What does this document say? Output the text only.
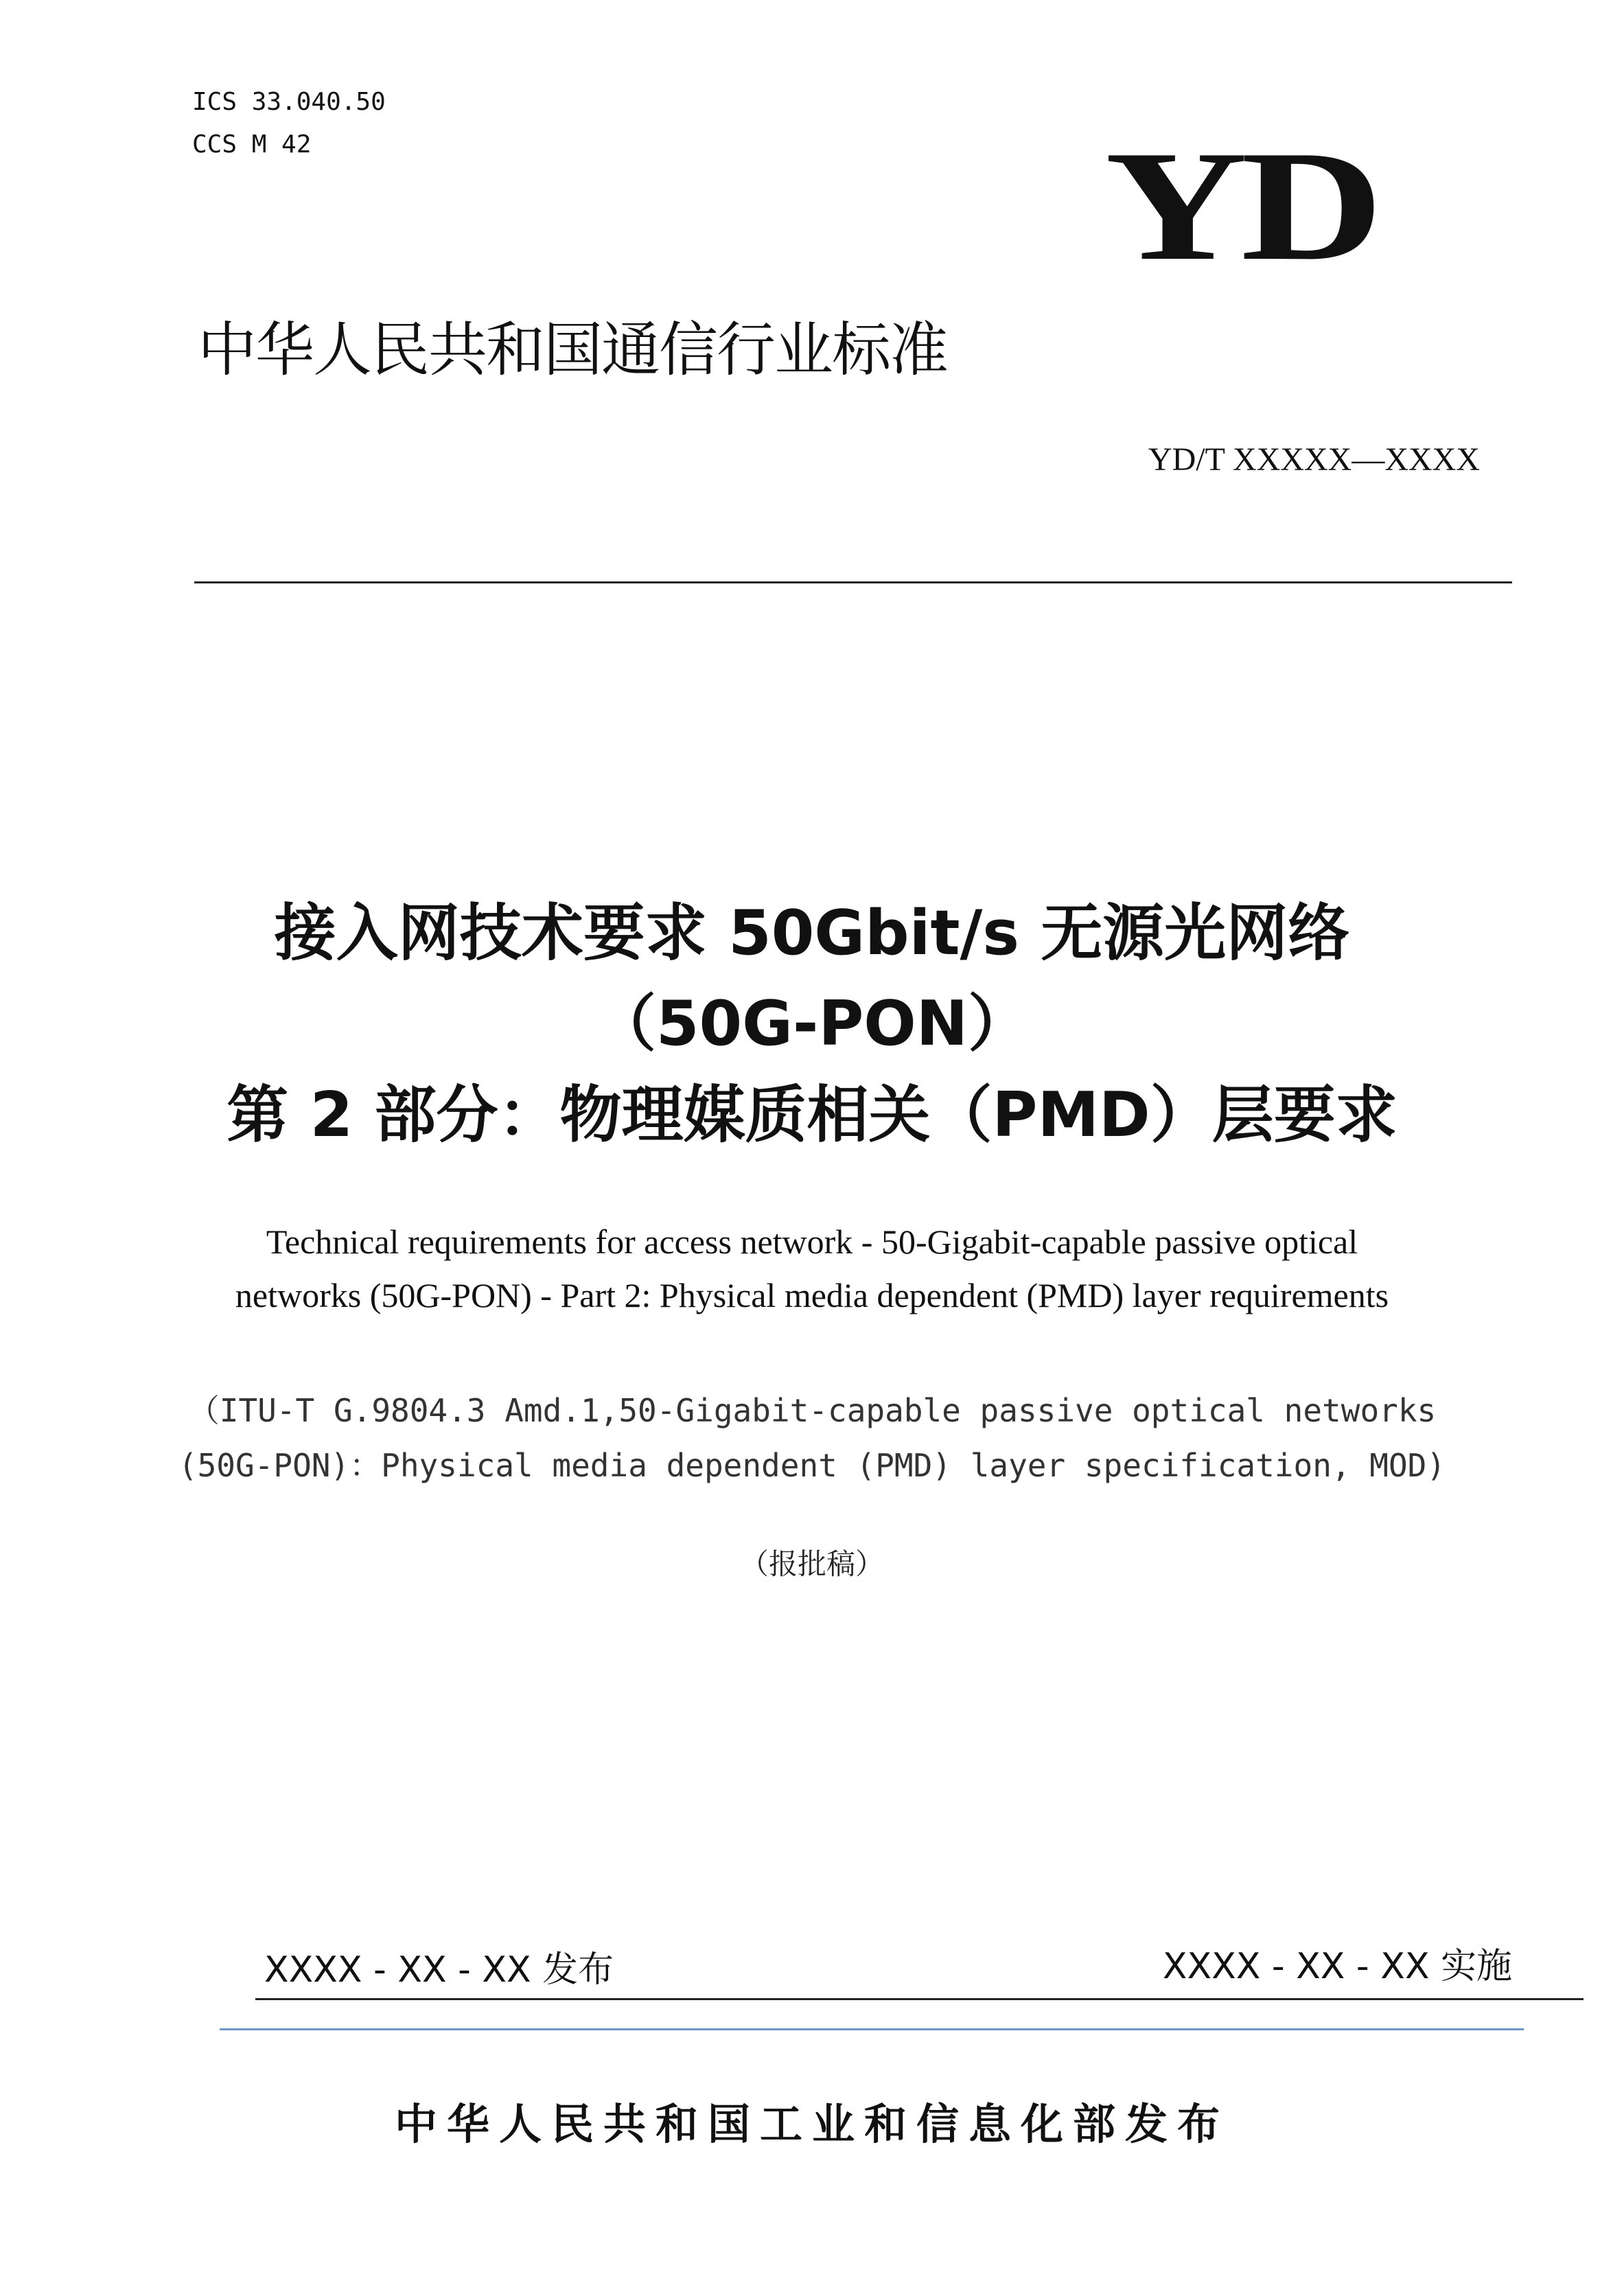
ICS 33.040.50
CCS M 42	YD
中华人民共和国通信行业标准
YD/T XXXXX—XXXX
接入网技术要求 50Gbit/s 无源光网络
（50G-PON）
第 2 部分：物理媒质相关（PMD）层要求
Technical requirements for access network - 50-Gigabit-capable passive optical
networks (50G-PON) - Part 2: Physical media dependent (PMD) layer requirements
（ITU-T G.9804.3 Amd.1,50-Gigabit-capable passive optical networks
(50G-PON)：Physical media dependent (PMD) layer specification, MOD)
（报批稿）
XXXX - XX - XX 发布	XXXX - XX - XX 实施
中华人民共和国工业和信息化部发布
